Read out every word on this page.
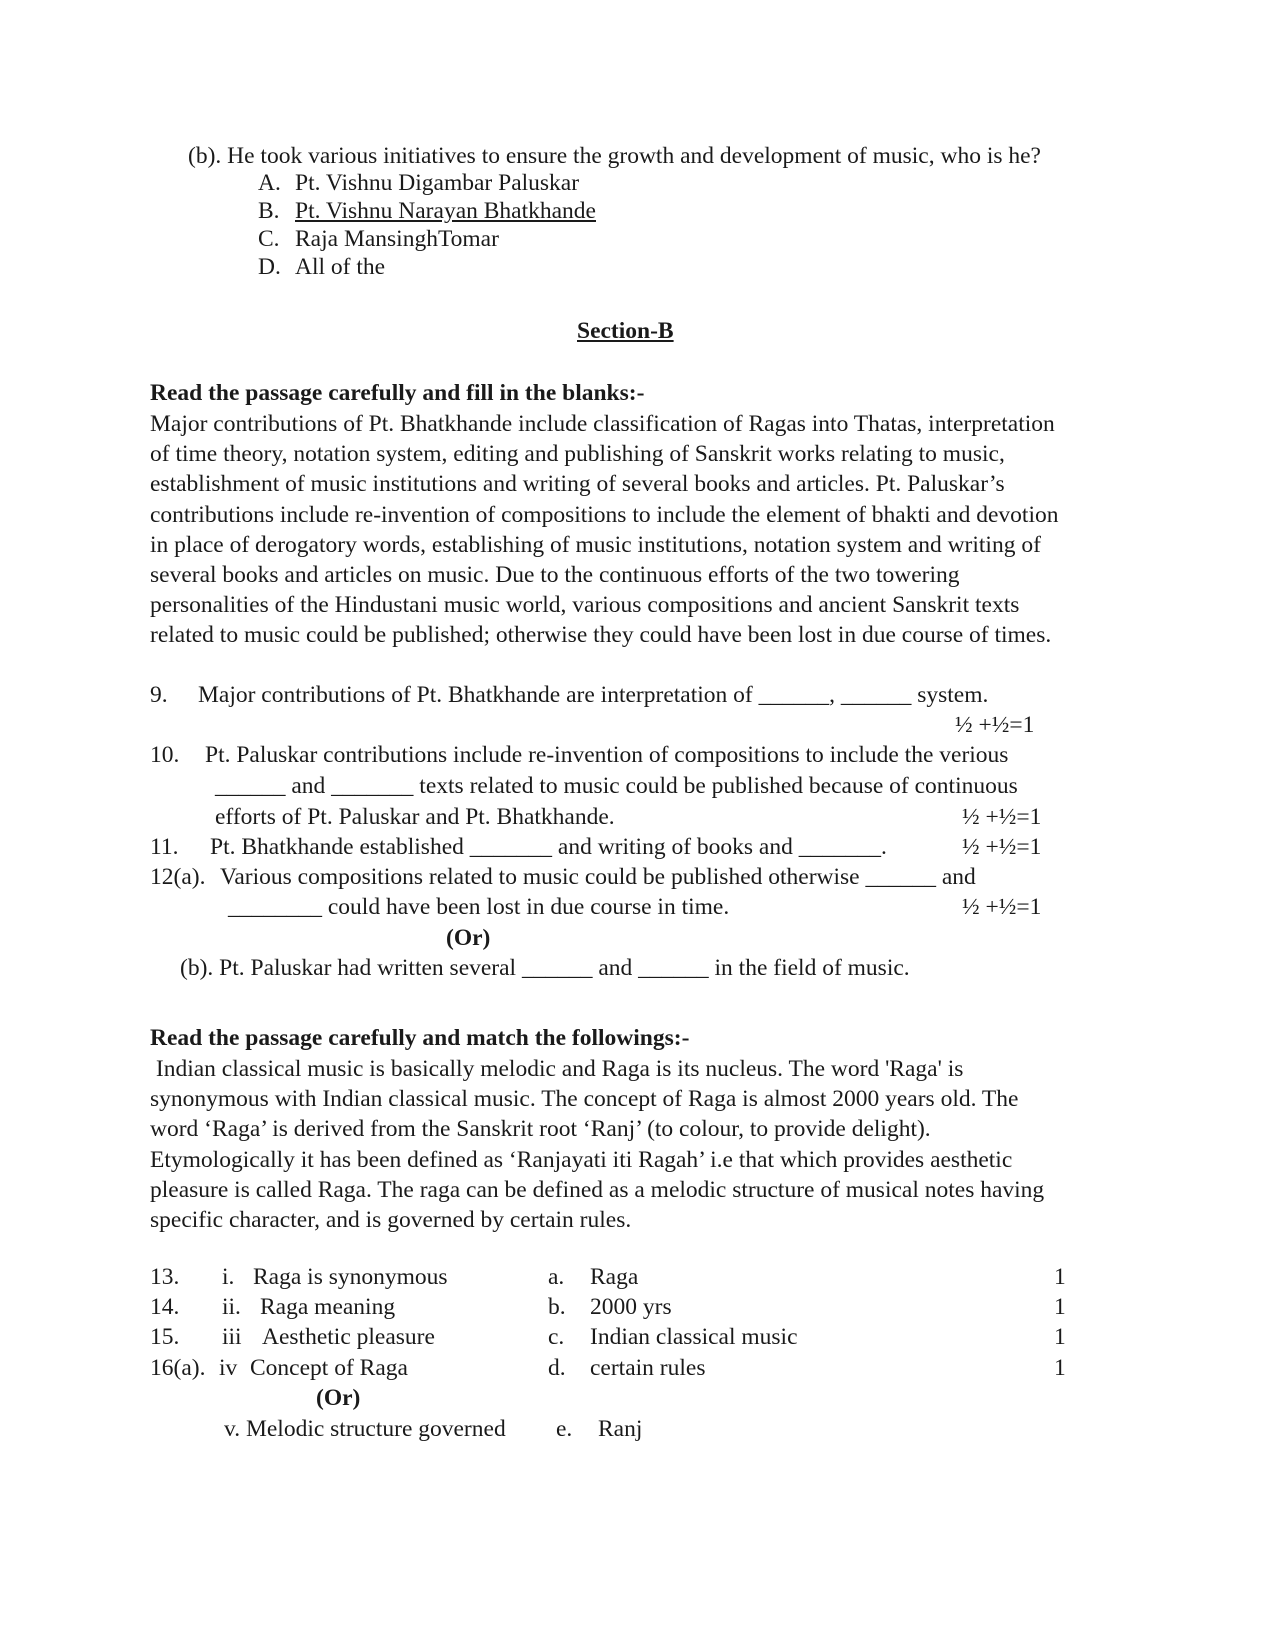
(b). He took various initiatives to ensure the growth and development of music, who is he?
A. Pt. Vishnu Digambar Paluskar
B. Pt. Vishnu Narayan Bhatkhande
C. Raja MansinghTomar
D. All of the
Section-B
Read the passage carefully and fill in the blanks:-
Major contributions of Pt. Bhatkhande include classification of Ragas into Thatas, interpretation
of time theory, notation system, editing and publishing of Sanskrit works relating to music,
establishment of music institutions and writing of several books and articles. Pt. Paluskar’s
contributions include re-invention of compositions to include the element of bhakti and devotion
in place of derogatory words, establishing of music institutions, notation system and writing of
several books and articles on music. Due to the continuous efforts of the two towering
personalities of the Hindustani music world, various compositions and ancient Sanskrit texts
related to music could be published; otherwise they could have been lost in due course of times.
9. Major contributions of Pt. Bhatkhande are interpretation of ______, ______ system.
½ +½=1
10. Pt. Paluskar contributions include re-invention of compositions to include the verious
______ and _______ texts related to music could be published because of continuous
efforts of Pt. Paluskar and Pt. Bhatkhande.	½ +½=1
11. Pt. Bhatkhande established _______ and writing of books and _______.	½ +½=1
12(a). Various compositions related to music could be published otherwise ______ and
________ could have been lost in due course in time.	½ +½=1
(Or)
(b). Pt. Paluskar had written several ______ and ______ in the field of music.
Read the passage carefully and match the followings:-
Indian classical music is basically melodic and Raga is its nucleus. The word 'Raga' is
synonymous with Indian classical music. The concept of Raga is almost 2000 years old. The
word ‘Raga’ is derived from the Sanskrit root ‘Ranj’ (to colour, to provide delight).
Etymologically it has been defined as ‘Ranjayati iti Ragah’ i.e that which provides aesthetic
pleasure is called Raga. The raga can be defined as a melodic structure of musical notes having
specific character, and is governed by certain rules.
13. i. Raga is synonymous	a. Raga	1
14. ii. Raga meaning	b. 2000 yrs	1
15. iii Aesthetic pleasure	c. Indian classical music	1
16(a). iv Concept of Raga	d. certain rules	1
(Or)
v. Melodic structure governed e. Ranj
